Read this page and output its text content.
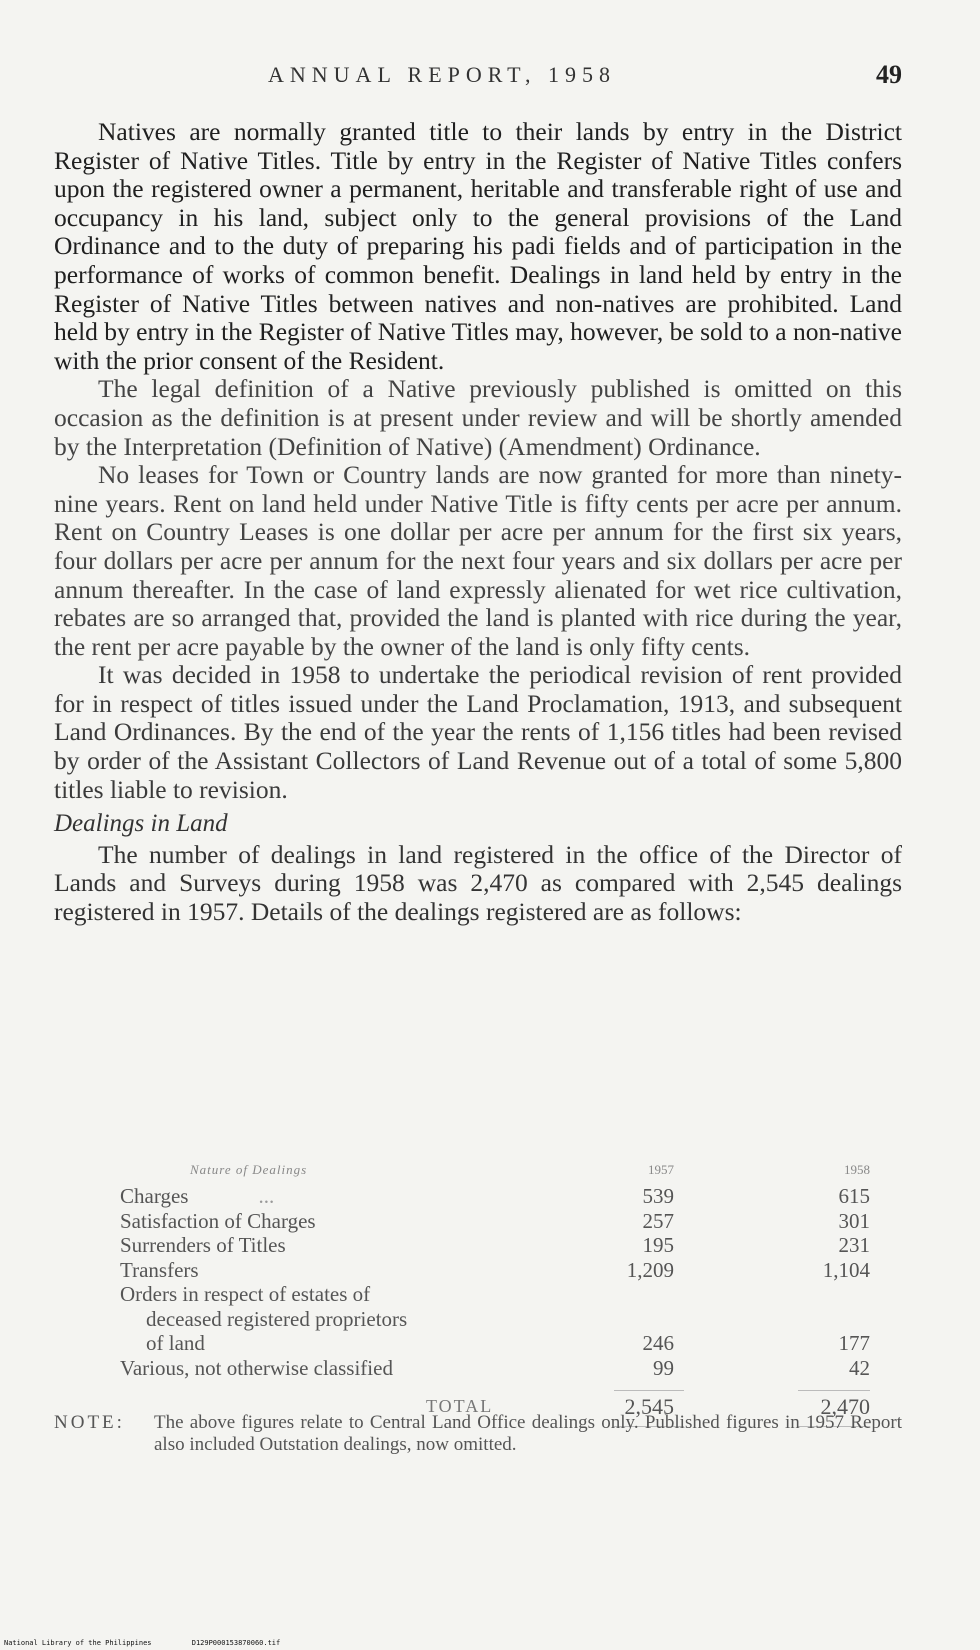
ANNUAL REPORT, 1958	49

Natives are normally granted title to their lands by entry in the District Register of Native Titles. Title by entry in the Register of Native Titles confers upon the registered owner a permanent, heritable and transferable right of use and occupancy in his land, subject only to the general provisions of the Land Ordinance and to the duty of preparing his padi fields and of participation in the performance of works of common benefit. Dealings in land held by entry in the Register of Native Titles between natives and non-natives are prohibited. Land held by entry in the Register of Native Titles may, however, be sold to a non-native with the prior consent of the Resident.

The legal definition of a Native previously published is omitted on this occasion as the definition is at present under review and will be shortly amended by the Interpretation (Definition of Native) (Amendment) Ordinance.

No leases for Town or Country lands are now granted for more than ninety-nine years. Rent on land held under Native Title is fifty cents per acre per annum. Rent on Country Leases is one dollar per acre per annum for the first six years, four dollars per acre per annum for the next four years and six dollars per acre per annum thereafter. In the case of land expressly alienated for wet rice cultivation, rebates are so arranged that, provided the land is planted with rice during the year, the rent per acre payable by the owner of the land is only fifty cents.

It was decided in 1958 to undertake the periodical revision of rent provided for in respect of titles issued under the Land Proclamation, 1913, and subsequent Land Ordinances. By the end of the year the rents of 1,156 titles had been revised by order of the Assistant Collectors of Land Revenue out of a total of some 5,800 titles liable to revision.

Dealings in Land

The number of dealings in land registered in the office of the Director of Lands and Surveys during 1958 was 2,470 as compared with 2,545 dealings registered in 1957. Details of the dealings registered are as follows:

Nature of Dealings	1957	1958
Charges	...	539	615
Satisfaction of Charges	257	301
Surrenders of Titles	195	231
Transfers	1,209	1,104
Orders in respect of estates of
deceased registered proprietors
of land	246	177
Various, not otherwise classified	99	42
TOTAL	2,545	2,470
NOTE: The above figures relate to Central Land Office dealings only. Published figures in 1957 Report also included Outstation dealings, now omitted.
National Library of the Philippines	D129P000153870060.tif
